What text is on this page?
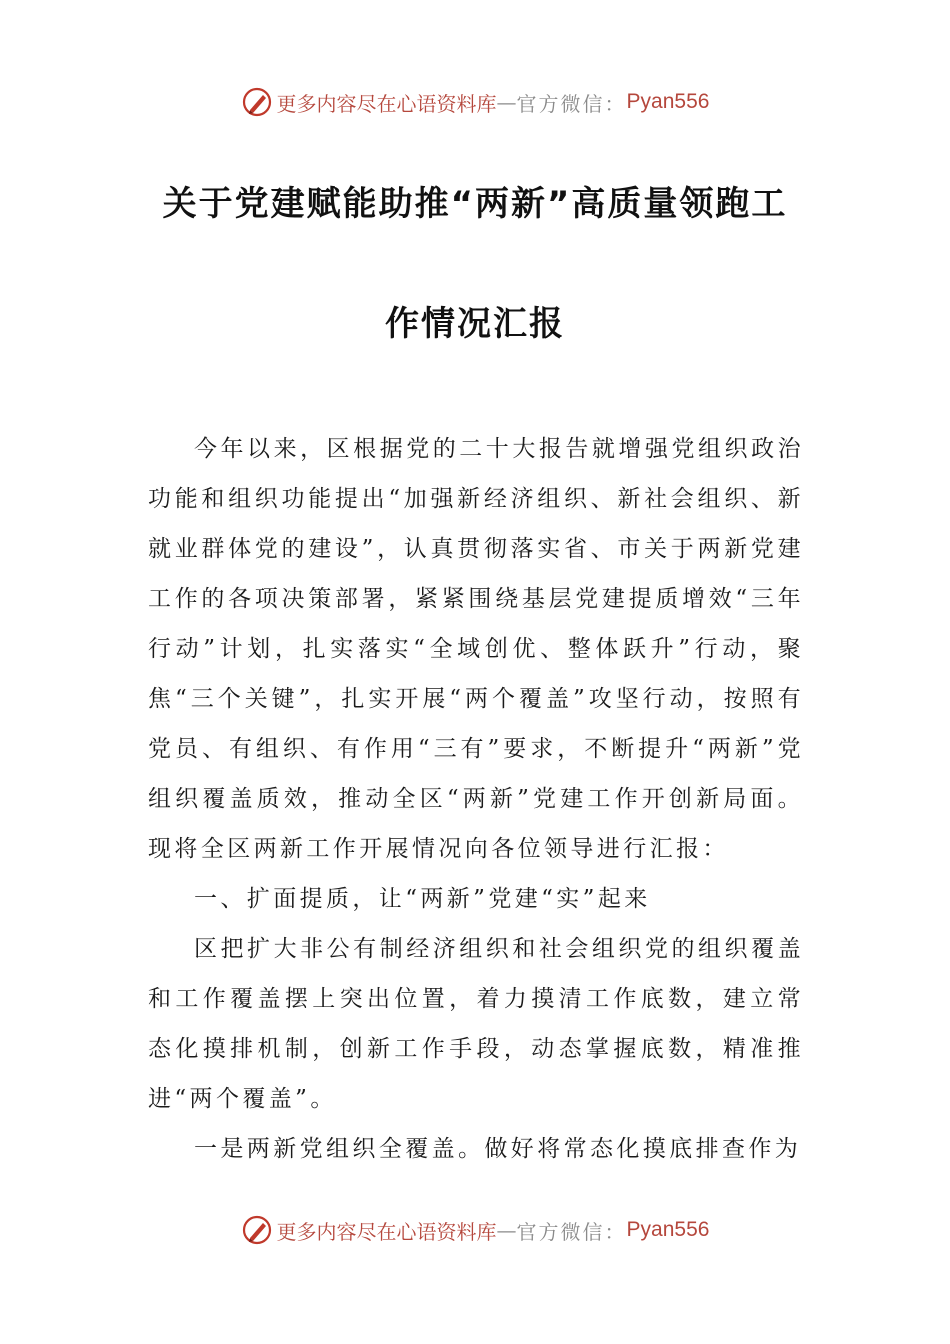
更多内容尽在心语资料库 — 官方微信： Pyan556
关于党建赋能助推“两新”高质量领跑工
作情况汇报

今年以来，区根据党的二十大报告就增强党组织政治功能和组织功能提出“加强新经济组织、新社会组织、新就业群体党的建设”，认真贯彻落实省、市关于两新党建工作的各项决策部署，紧紧围绕基层党建提质增效“三年行动”计划，扎实落实“全域创优、整体跃升”行动，聚焦“三个关键”，扎实开展“两个覆盖”攻坚行动，按照有党员、有组织、有作用“三有”要求，不断提升“两新”党组织覆盖质效，推动全区“两新”党建工作开创新局面。现将全区两新工作开展情况向各位领导进行汇报：

一、扩面提质，让“两新”党建“实”起来

区把扩大非公有制经济组织和社会组织党的组织覆盖和工作覆盖摆上突出位置，着力摸清工作底数，建立常态化摸排机制，创新工作手段，动态掌握底数，精准推进“两个覆盖”。

一是两新党组织全覆盖。做好将常态化摸底排查作为

更多内容尽在心语资料库 — 官方微信： Pyan556
